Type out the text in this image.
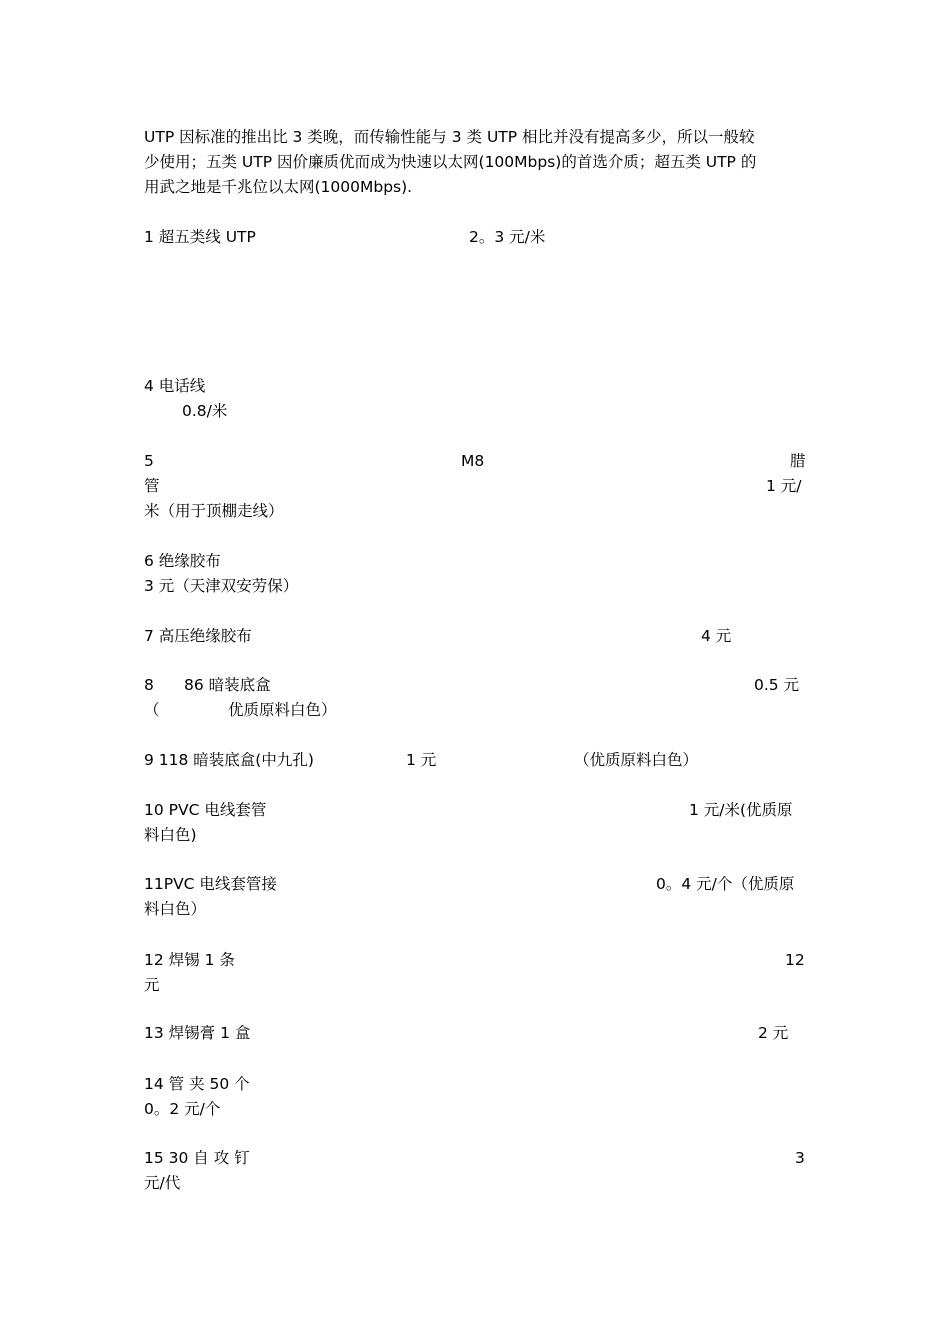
UTP 因标准的推出比 3 类晚，而传输性能与 3 类 UTP 相比并没有提高多少，所以一般较
少使用；五类 UTP 因价廉质优而成为快速以太网(100Mbps)的首选介质；超五类 UTP 的
用武之地是千兆位以太网(1000Mbps).
1 超五类线 UTP	2。3 元/米
4 电话线
0.8/米
5	M8	腊
管	1 元/
米（用于顶棚走线）
6 绝缘胶布
3 元（天津双安劳保）
7 高压绝缘胶布	4 元
8 86 暗装底盒	0.5 元
（	优质原料白色）
9 118 暗装底盒(中九孔)	1 元	（优质原料白色）
10 PVC 电线套管	1 元/米(优质原
料白色)
11PVC 电线套管接	0。4 元/个（优质原
料白色）
12 焊锡 1 条	12
元
13 焊锡膏 1 盒	2 元
14 管 夹 50 个
0。2 元/个
15 30 自 攻 钉	3
元/代
